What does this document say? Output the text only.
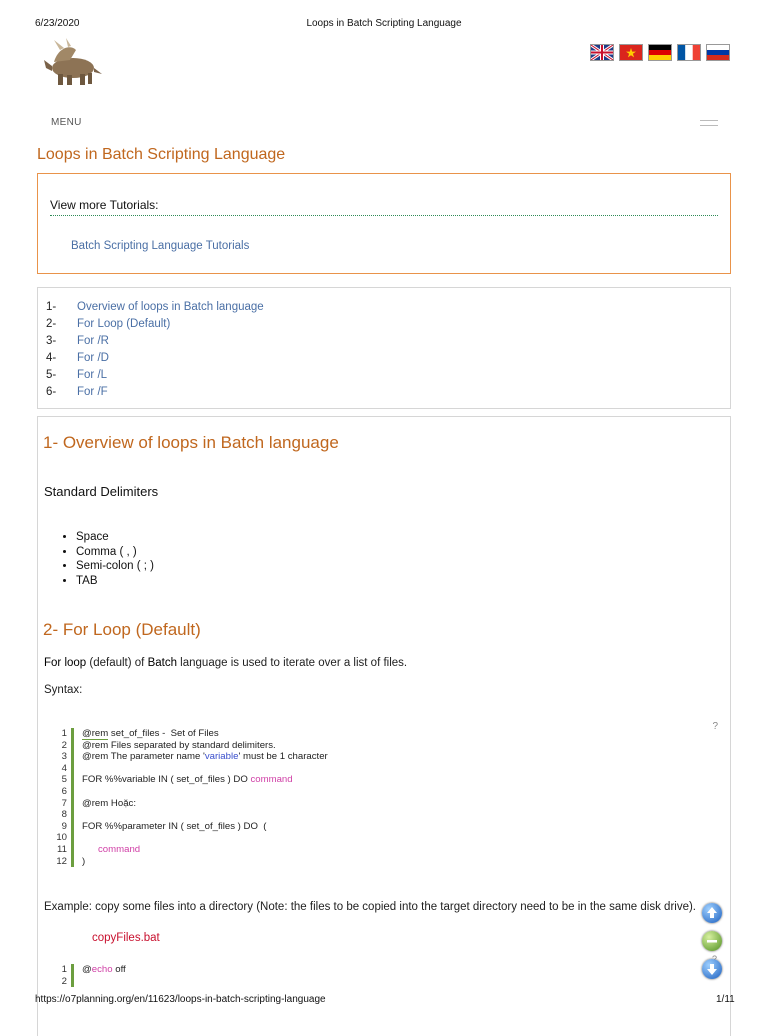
6/23/2020	Loops in Batch Scripting Language
MENU
Loops in Batch Scripting Language
View more Tutorials:
Batch Scripting Language Tutorials
1-	Overview of loops in Batch language
2-	For Loop (Default)
3-	For /R
4-	For /D
5-	For /L
6-	For /F
1- Overview of loops in Batch language
Standard Delimiters
• Space
• Comma ( , )
• Semi-colon ( ; )
• TAB
2- For Loop (Default)
For loop (default) of Batch language is used to iterate over a list of files.
Syntax:
?
1 @rem set_of_files -  Set of Files
2 @rem Files separated by standard delimiters.
3 @rem The parameter name 'variable' must be 1 character
4
5 FOR %%variable IN ( set_of_files ) DO command
6
7 @rem Hoặc:
8
9 FOR %%parameter IN ( set_of_files ) DO  (
10
11	command
12 )
Example: copy some files into a directory (Note: the files to be copied into the target directory need to be in the same disk drive).
copyFiles.bat
1 @echo off
2
https://o7planning.org/en/11623/loops-in-batch-scripting-language	1/11
